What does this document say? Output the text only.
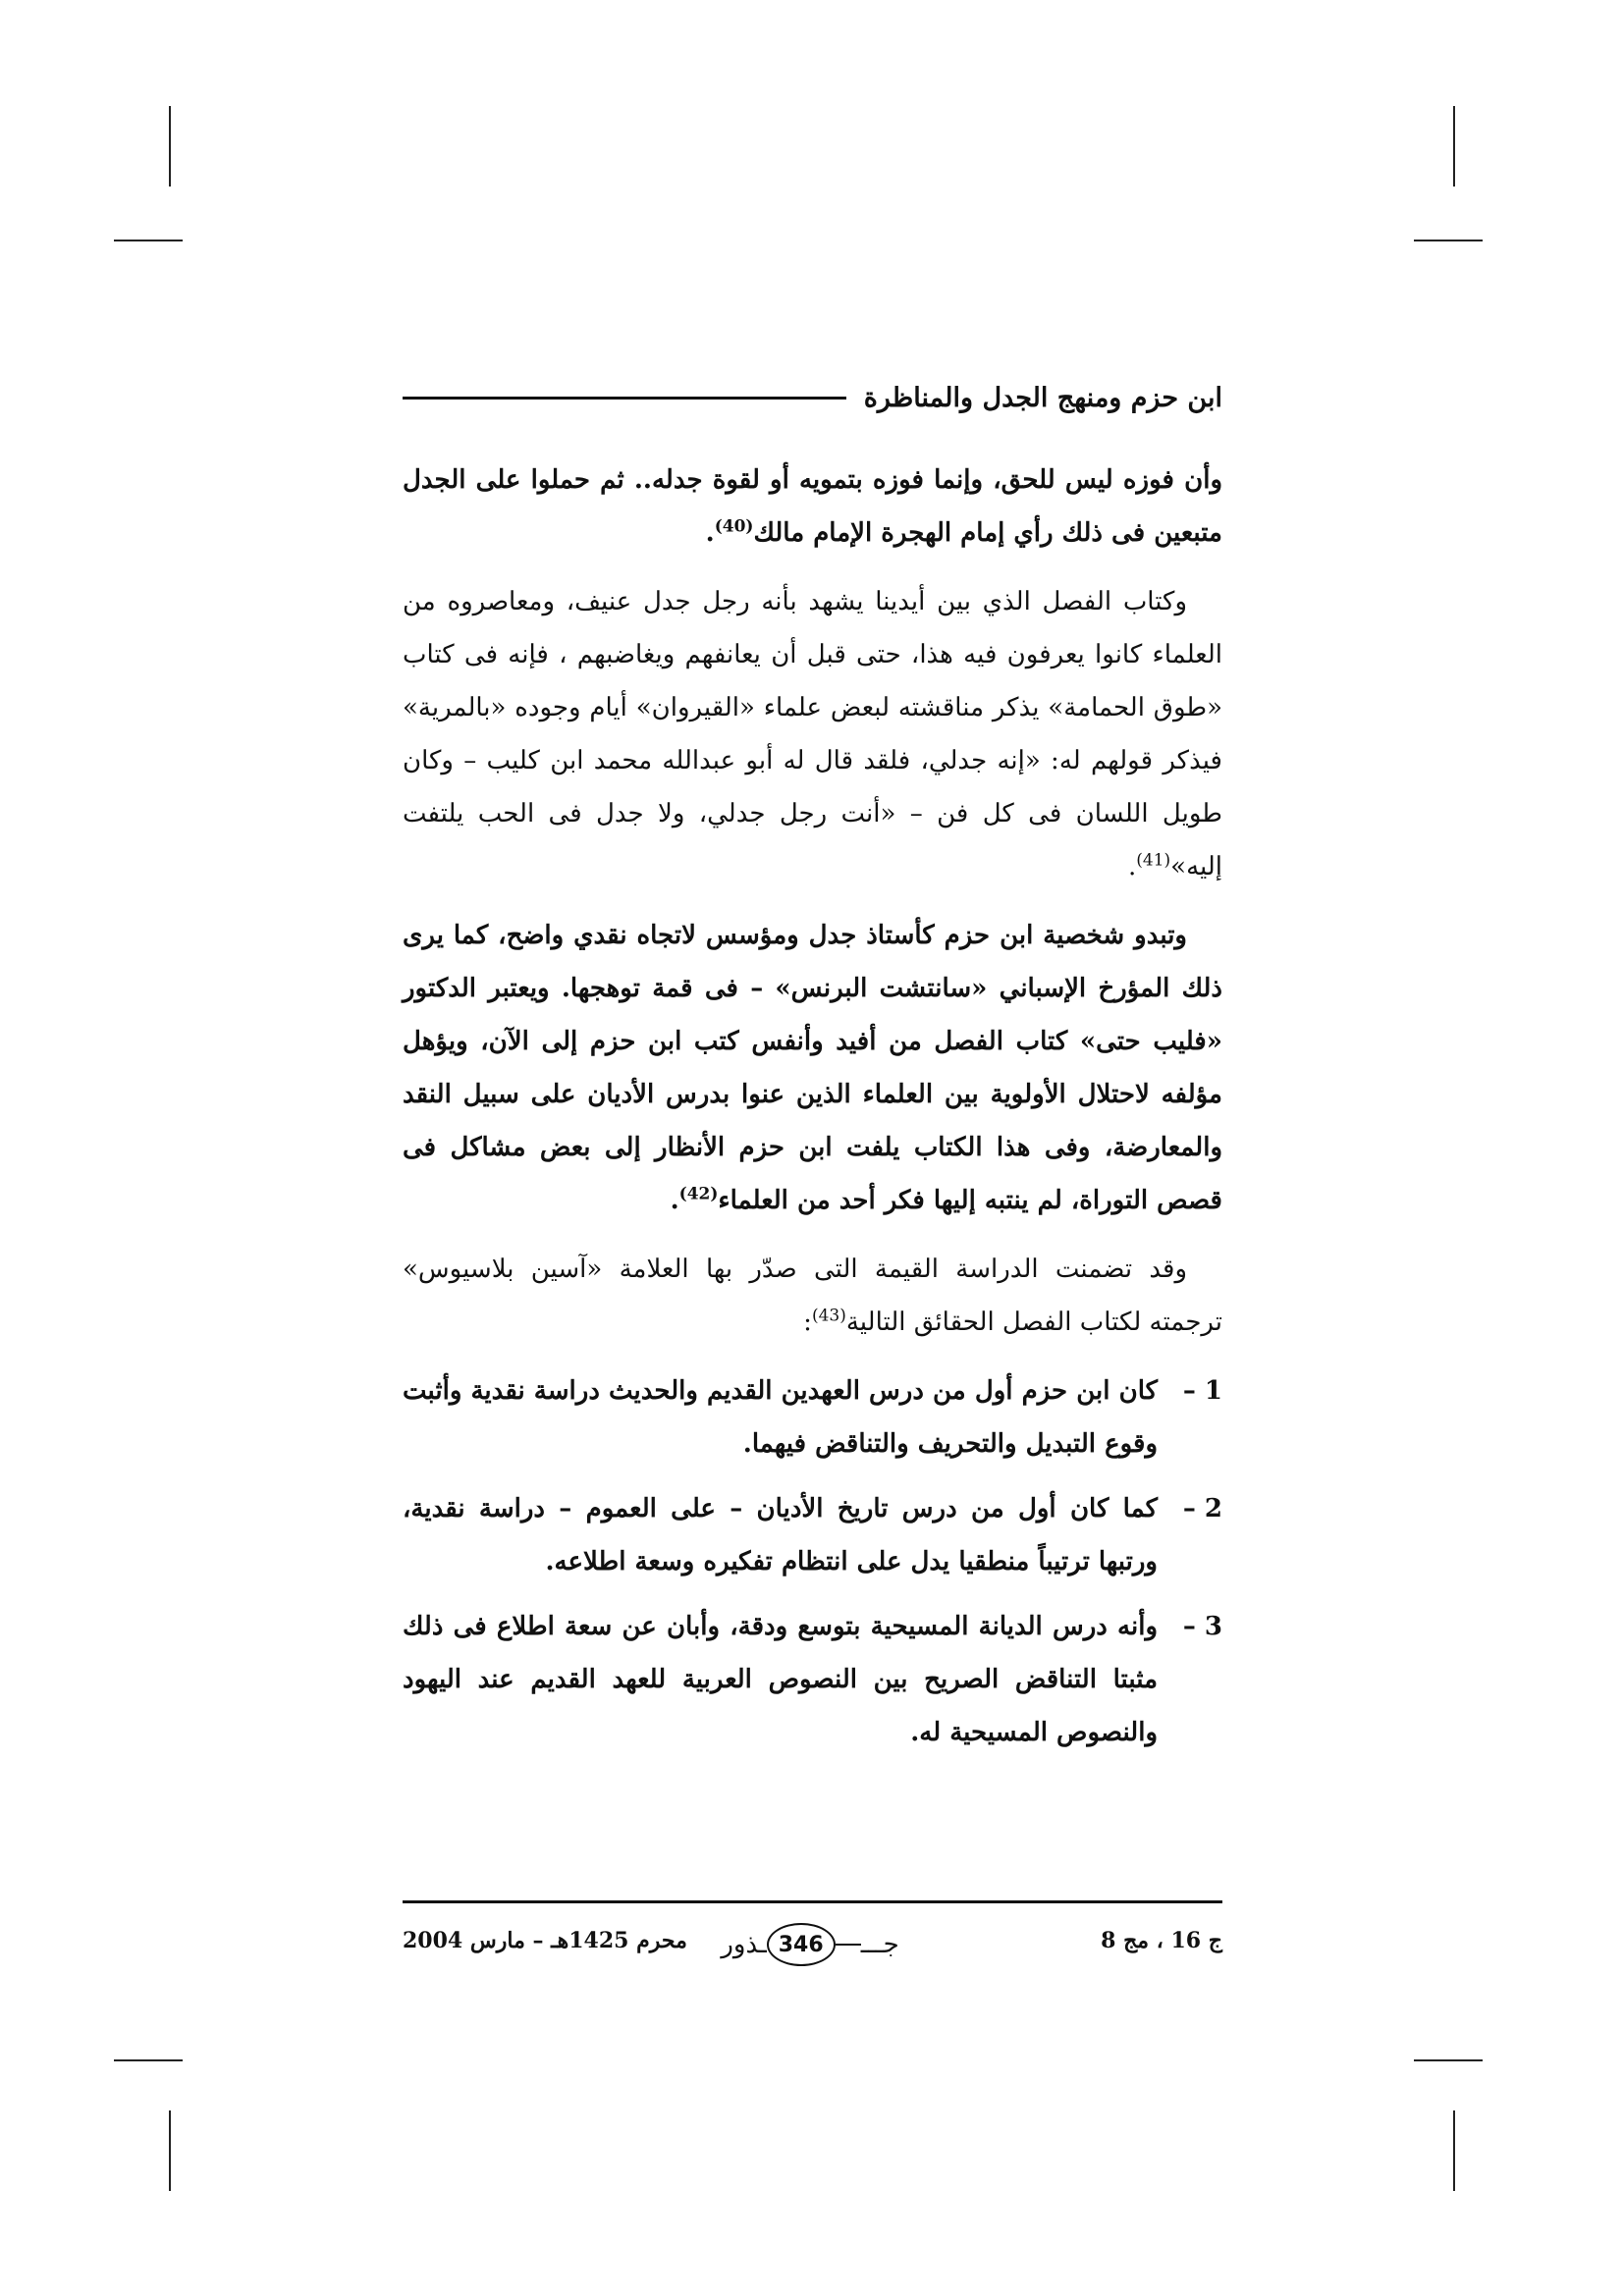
ابن حزم ومنهج الجدل والمناظرة

وأن فوزه ليس للحق، وإنما فوزه بتمويه أو لقوة جدله.. ثم حملوا على الجدل متبعين فى ذلك رأي إمام الهجرة الإمام مالك$^{(40)}$.

وكتاب الفصل الذي بين أيدينا يشهد بأنه رجل جدل عنيف، ومعاصروه من العلماء كانوا يعرفون فيه هذا، حتى قبل أن يعانفهم ويغاضبهم ، فإنه فى كتاب «طوق الحمامة» يذكر مناقشته لبعض علماء «القيروان» أيام وجوده «بالمرية» فيذكر قولهم له: «إنه جدلي، فلقد قال له أبو عبدالله محمد ابن كليب – وكان طويل اللسان فى كل فن – «أنت رجل جدلي، ولا جدل فى الحب يلتفت إليه»$^{(41)}$.

وتبدو شخصية ابن حزم كأستاذ جدل ومؤسس لاتجاه نقدي واضح، كما يرى ذلك المؤرخ الإسباني «سانتشت البرنس» – فى قمة توهجها. ويعتبر الدكتور «فليب حتى» كتاب الفصل من أفيد وأنفس كتب ابن حزم إلى الآن، ويؤهل مؤلفه لاحتلال الأولوية بين العلماء الذين عنوا بدرس الأديان على سبيل النقد والمعارضة، وفى هذا الكتاب يلفت ابن حزم الأنظار إلى بعض مشاكل فى قصص التوراة، لم ينتبه إليها فكر أحد من العلماء$^{(42)}$.

وقد تضمنت الدراسة القيمة التى صدّر بها العلامة «آسين بلاسيوس» ترجمته لكتاب الفصل الحقائق التالية$^{(43)}$:

1 –
كان ابن حزم أول من درس العهدين القديم والحديث دراسة نقدية وأثبت وقوع التبديل والتحريف والتناقض فيهما.
2 –
كما كان أول من درس تاريخ الأديان – على العموم – دراسة نقدية، ورتبها ترتيباً منطقيا يدل على انتظام تفكيره وسعة اطلاعه.
3 –
وأنه درس الديانة المسيحية بتوسع ودقة، وأبان عن سعة اطلاع فى ذلك مثبتا التناقض الصريح بين النصوص العربية للعهد القديم عند اليهود والنصوص المسيحية له.
ج 16 ، مج 8
ـذور 346	جـــ
محرم 1425هـ – مارس 2004
